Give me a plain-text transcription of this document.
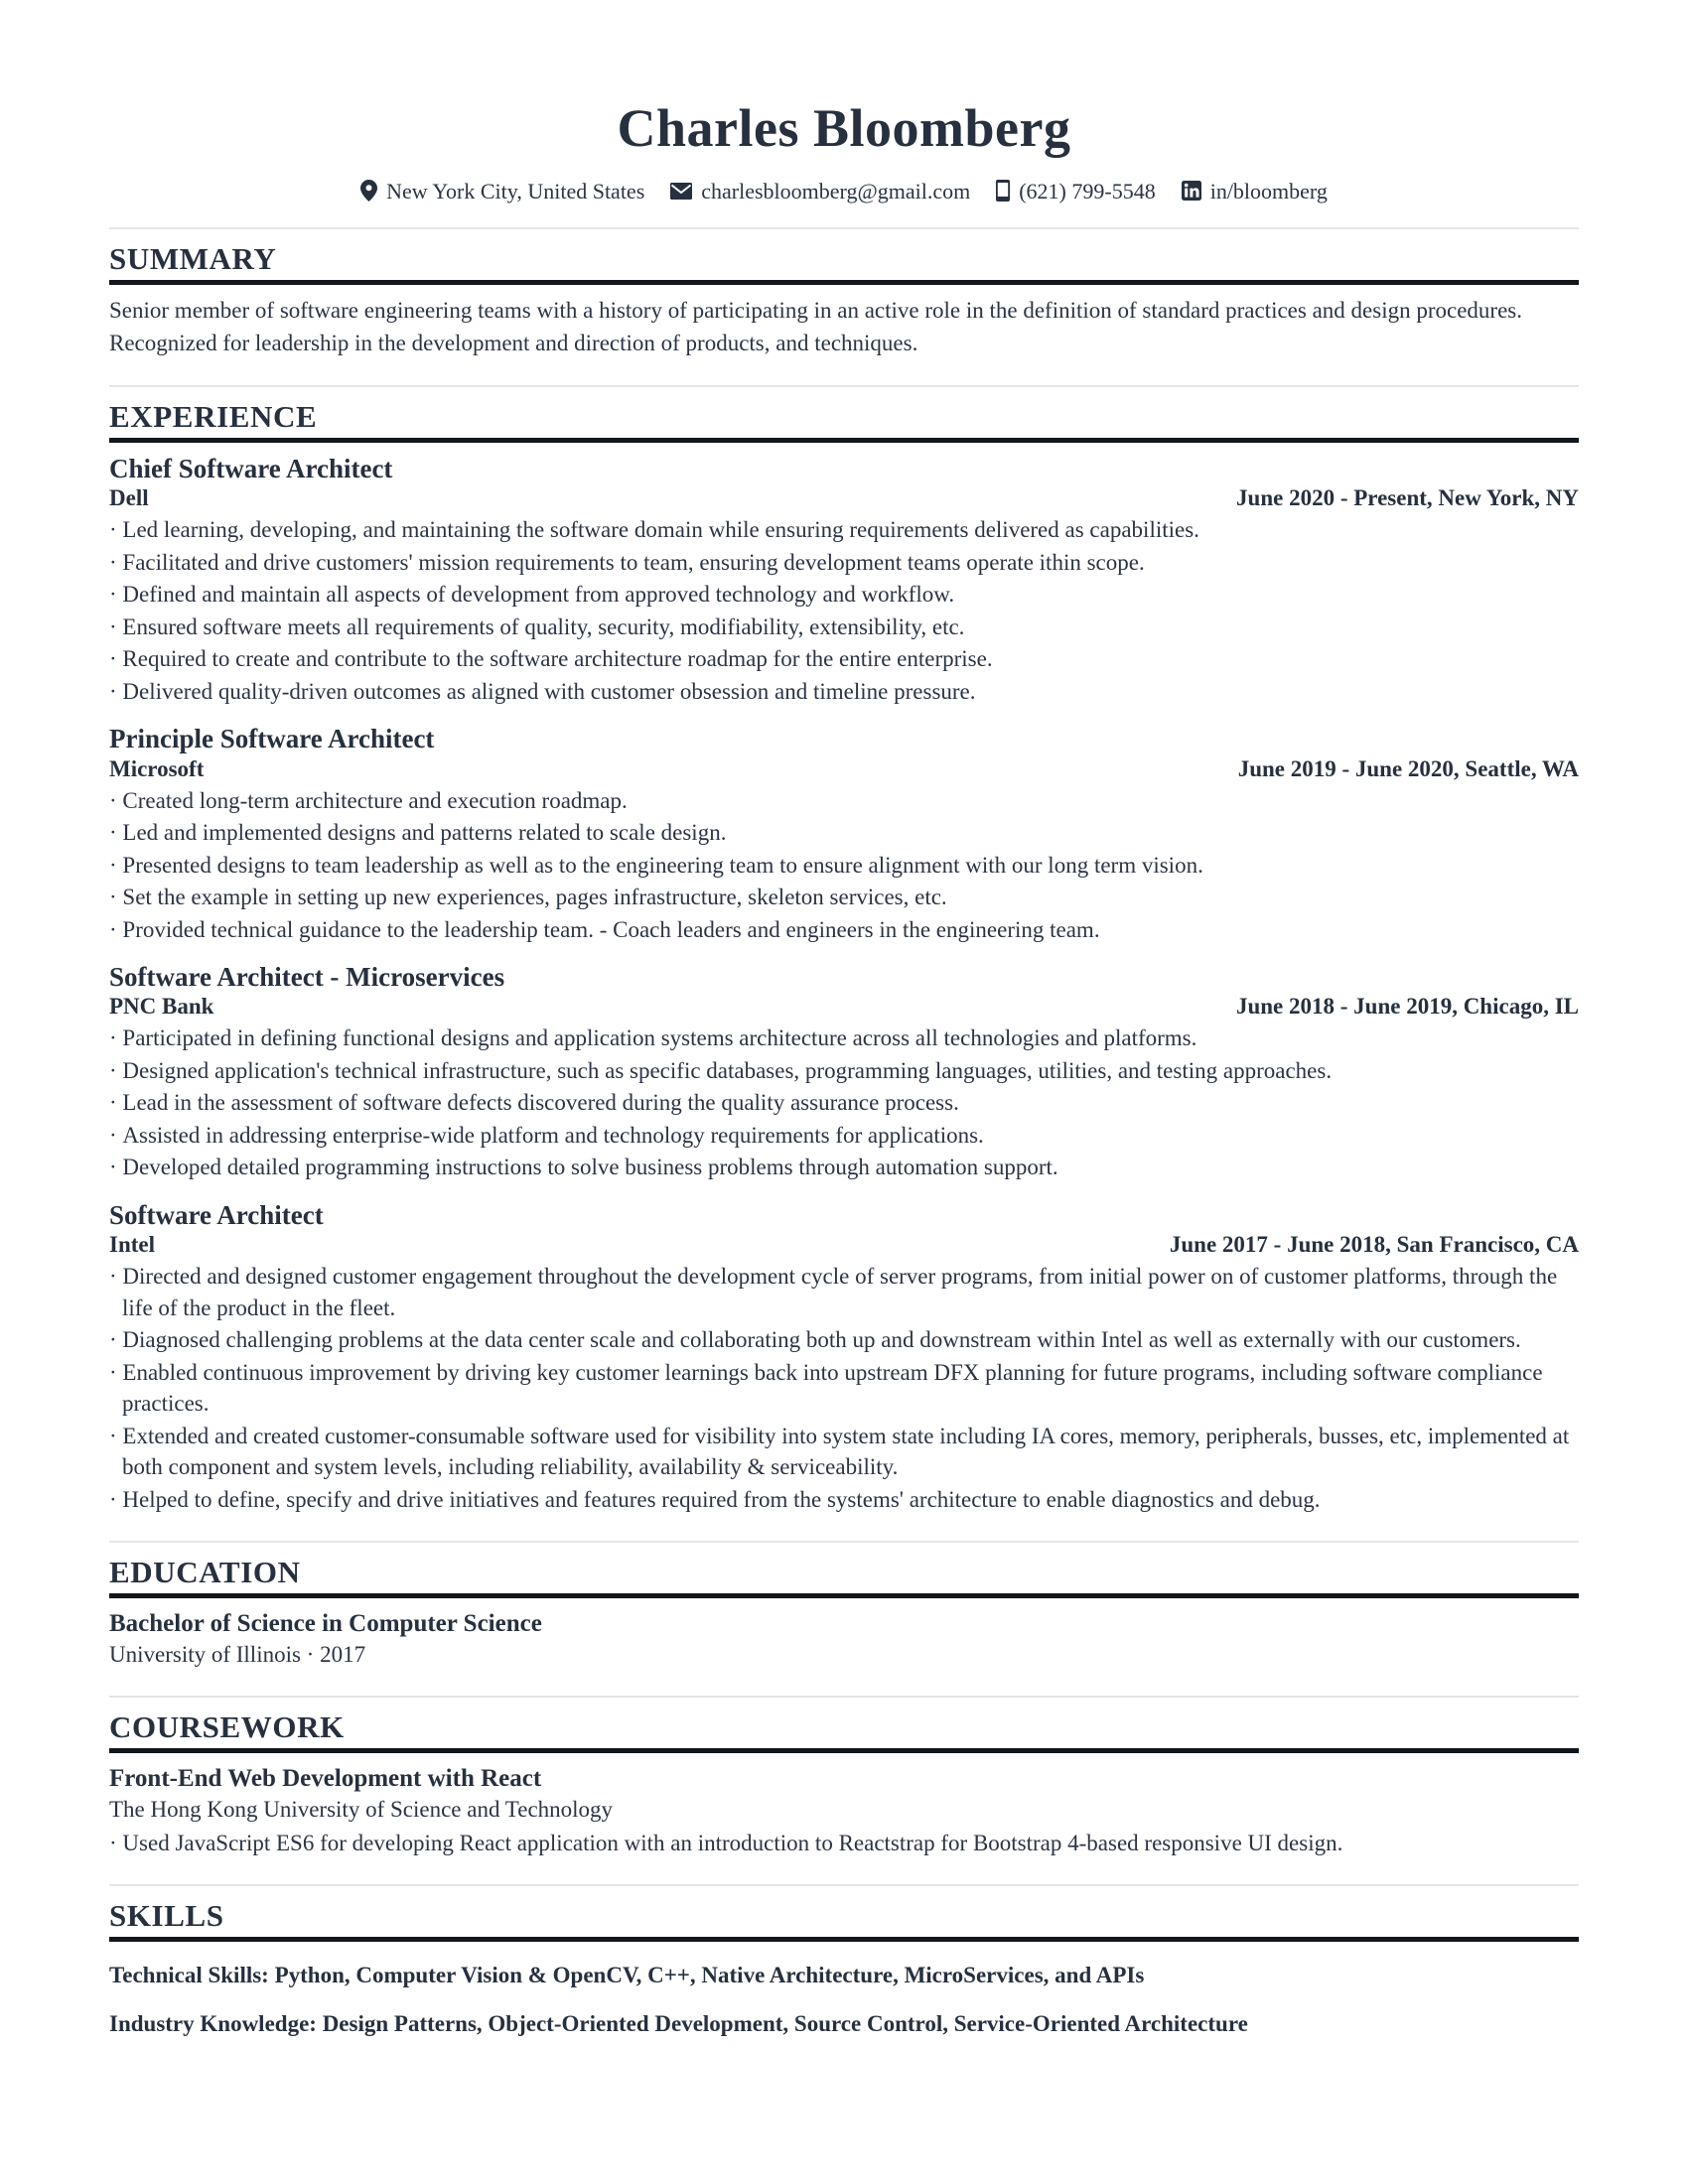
Charles Bloomberg
New York City, United States	charlesbloomberg@gmail.com (621) 799-5548	in/bloomberg
SUMMARY
Senior member of software engineering teams with a history of participating in an active role in the definition of standard practices and design procedures. Recognized for leadership in the development and direction of products, and techniques.
EXPERIENCE
Chief Software Architect
Dell	June 2020 - Present, New York, NY
· Led learning, developing, and maintaining the software domain while ensuring requirements delivered as capabilities.
· Facilitated and drive customers' mission requirements to team, ensuring development teams operate ithin scope.
· Defined and maintain all aspects of development from approved technology and workflow.
· Ensured software meets all requirements of quality, security, modifiability, extensibility, etc.
· Required to create and contribute to the software architecture roadmap for the entire enterprise.
· Delivered quality-driven outcomes as aligned with customer obsession and timeline pressure.
Principle Software Architect
Microsoft	June 2019 - June 2020, Seattle, WA
· Created long-term architecture and execution roadmap.
· Led and implemented designs and patterns related to scale design.
· Presented designs to team leadership as well as to the engineering team to ensure alignment with our long term vision.
· Set the example in setting up new experiences, pages infrastructure, skeleton services, etc.
· Provided technical guidance to the leadership team. - Coach leaders and engineers in the engineering team.
Software Architect - Microservices
PNC Bank	June 2018 - June 2019, Chicago, IL
· Participated in defining functional designs and application systems architecture across all technologies and platforms.
· Designed application's technical infrastructure, such as specific databases, programming languages, utilities, and testing approaches.
· Lead in the assessment of software defects discovered during the quality assurance process.
· Assisted in addressing enterprise-wide platform and technology requirements for applications.
· Developed detailed programming instructions to solve business problems through automation support.
Software Architect
Intel	June 2017 - June 2018, San Francisco, CA
· Directed and designed customer engagement throughout the development cycle of server programs, from initial power on of customer platforms, through the life of the product in the fleet.
· Diagnosed challenging problems at the data center scale and collaborating both up and downstream within Intel as well as externally with our customers.
· Enabled continuous improvement by driving key customer learnings back into upstream DFX planning for future programs, including software compliance practices.
· Extended and created customer-consumable software used for visibility into system state including IA cores, memory, peripherals, busses, etc, implemented at both component and system levels, including reliability, availability & serviceability.
· Helped to define, specify and drive initiatives and features required from the systems' architecture to enable diagnostics and debug.
EDUCATION
Bachelor of Science in Computer Science
University of Illinois · 2017
COURSEWORK
Front-End Web Development with React
The Hong Kong University of Science and Technology
· Used JavaScript ES6 for developing React application with an introduction to Reactstrap for Bootstrap 4-based responsive UI design.
SKILLS
Technical Skills: Python, Computer Vision & OpenCV, C++, Native Architecture, MicroServices, and APIs
Industry Knowledge: Design Patterns, Object-Oriented Development, Source Control, Service-Oriented Architecture
